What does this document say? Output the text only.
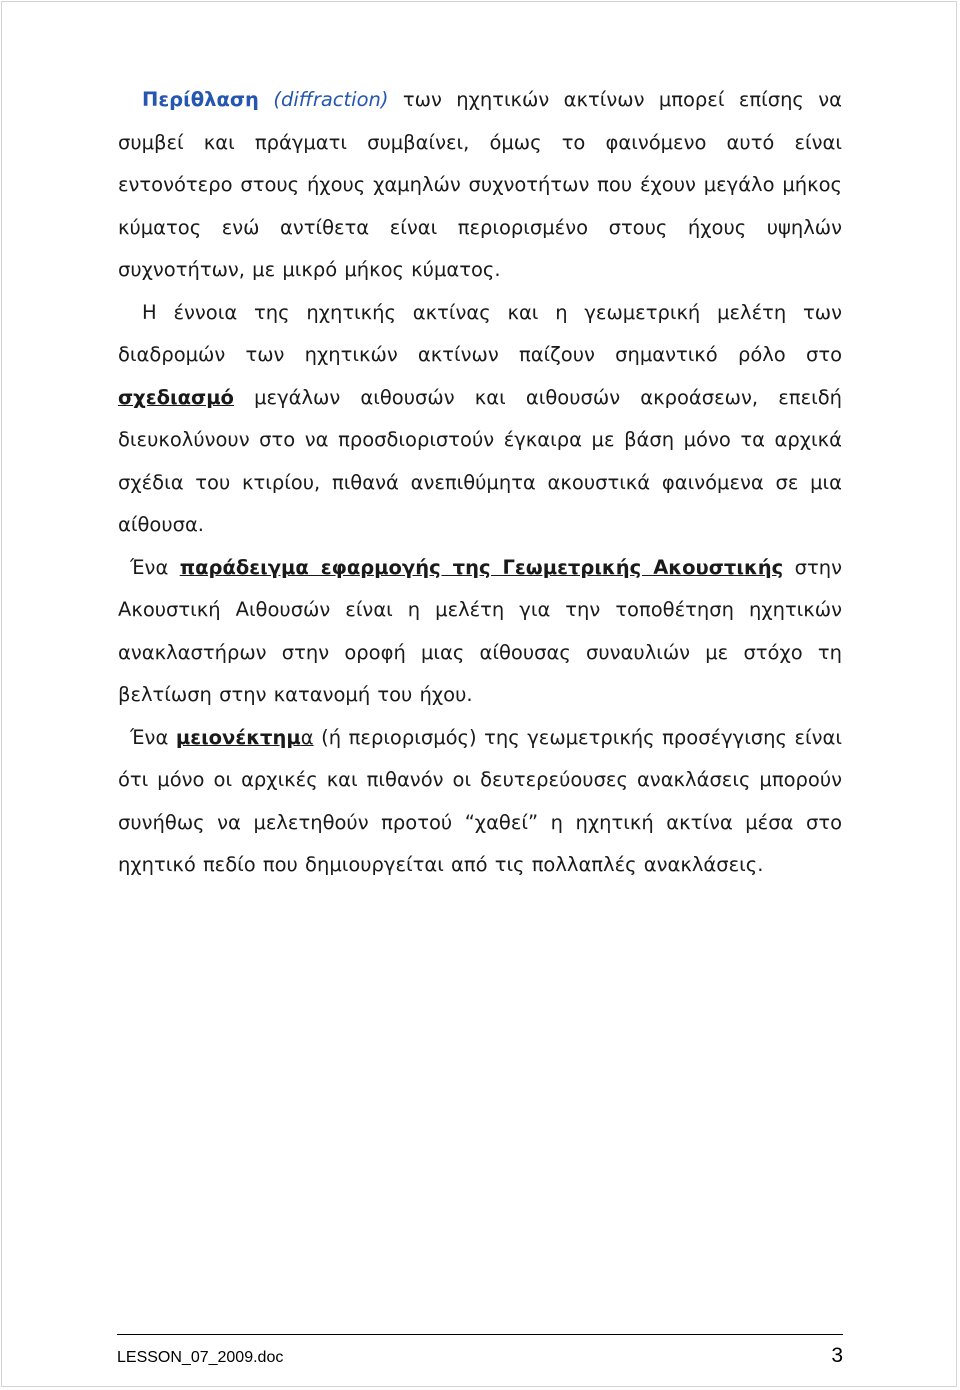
Περίθλαση (diffraction) των ηχητικών ακτίνων μπορεί επίσης να συμβεί και πράγματι συμβαίνει, όμως το φαινόμενο αυτό είναι εντονότερο στους ήχους χαμηλών συχνοτήτων που έχουν μεγάλο μήκος κύματος ενώ αντίθετα είναι περιορισμένο στους ήχους υψηλών συχνοτήτων, με μικρό μήκος κύματος.

Η έννοια της ηχητικής ακτίνας και η γεωμετρική μελέτη των διαδρομών των ηχητικών ακτίνων παίζουν σημαντικό ρόλο στο σχεδιασμό μεγάλων αιθουσών και αιθουσών ακροάσεων, επειδή διευκολύνουν στο να προσδιοριστούν έγκαιρα με βάση μόνο τα αρχικά σχέδια του κτιρίου, πιθανά ανεπιθύμητα ακουστικά φαινόμενα σε μια αίθουσα.

Ένα παράδειγμα εφαρμογής της Γεωμετρικής Ακουστικής στην Ακουστική Αιθουσών είναι η μελέτη για την τοποθέτηση ηχητικών ανακλαστήρων στην οροφή μιας αίθουσας συναυλιών με στόχο τη βελτίωση στην κατανομή του ήχου.

Ένα μειονέκτημα (ή περιορισμός) της γεωμετρικής προσέγγισης είναι ότι μόνο οι αρχικές και πιθανόν οι δευτερεύουσες ανακλάσεις μπορούν συνήθως να μελετηθούν προτού “χαθεί” η ηχητική ακτίνα μέσα στο ηχητικό πεδίο που δημιουργείται από τις πολλαπλές ανακλάσεις.

LESSON_07_2009.doc	3
